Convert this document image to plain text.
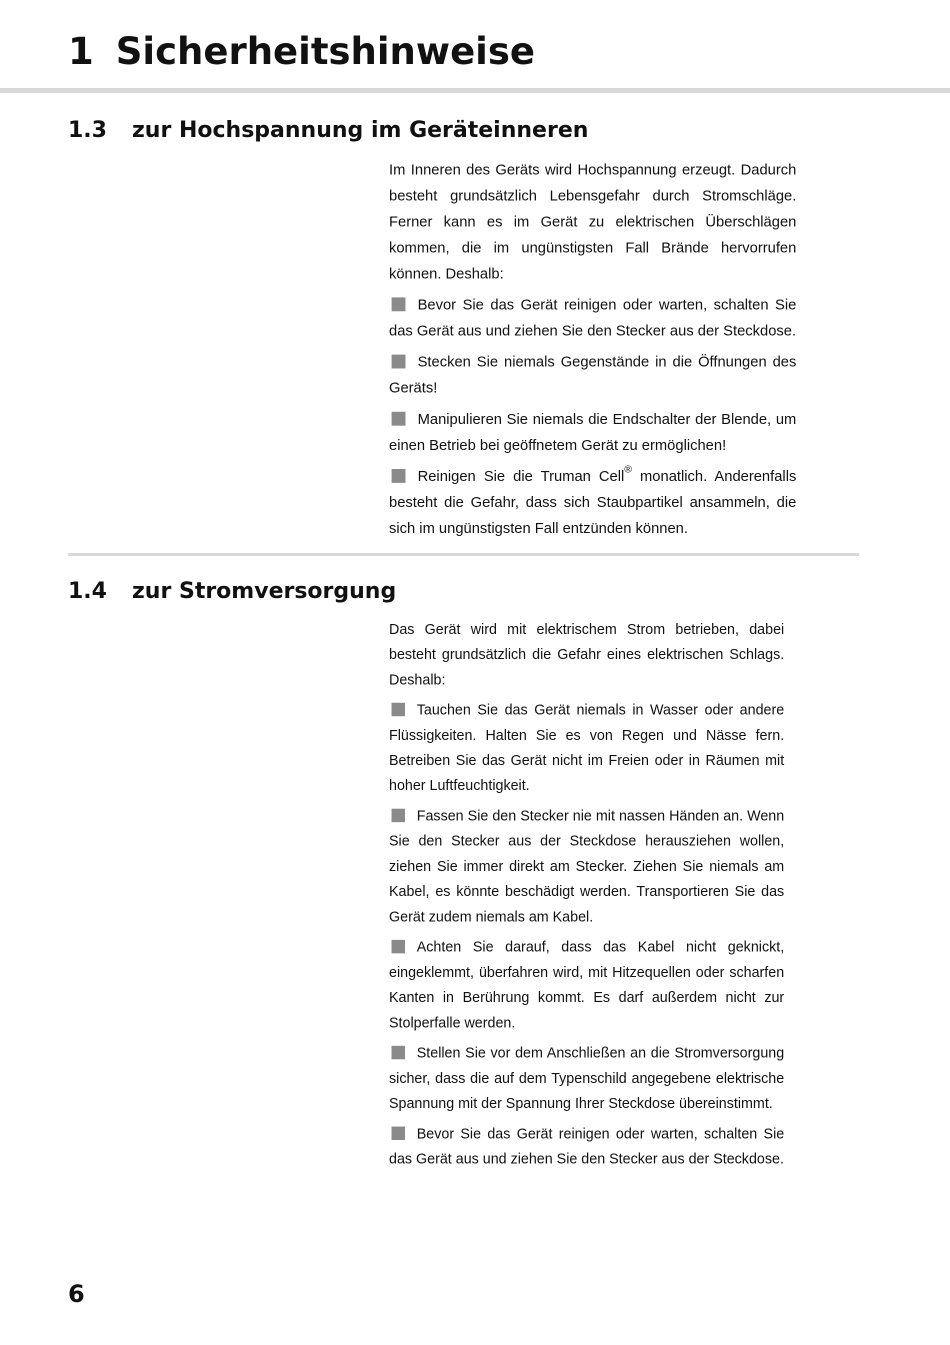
1 Sicherheitshinweise
1.3 zur Hochspannung im Geräteinneren

Im Inneren des Geräts wird Hochspannung erzeugt. Dadurch besteht grundsätzlich Lebensgefahr durch Stromschläge. Ferner kann es im Gerät zu elektrischen Überschlägen kommen, die im ungünstigsten Fall Brände hervorrufen können. Deshalb:

Bevor Sie das Gerät reinigen oder warten, schalten Sie das Gerät aus und ziehen Sie den Stecker aus der Steckdose.

Stecken Sie niemals Gegenstände in die Öffnungen des Geräts!

Manipulieren Sie niemals die Endschalter der Blende, um einen Betrieb bei geöffnetem Gerät zu ermöglichen!

Reinigen Sie die Truman Cell® monatlich. Anderenfalls besteht die Gefahr, dass sich Staubpartikel ansammeln, die sich im ungünstigsten Fall entzünden können.

1.4 zur Stromversorgung

Das Gerät wird mit elektrischem Strom betrieben, dabei besteht grundsätzlich die Gefahr eines elektrischen Schlags. Deshalb:

Tauchen Sie das Gerät niemals in Wasser oder andere Flüssigkeiten. Halten Sie es von Regen und Nässe fern. Betreiben Sie das Gerät nicht im Freien oder in Räumen mit hoher Luftfeuchtigkeit.

Fassen Sie den Stecker nie mit nassen Händen an. Wenn Sie den Stecker aus der Steckdose herausziehen wollen, ziehen Sie immer direkt am Stecker. Ziehen Sie niemals am Kabel, es könnte beschädigt werden. Transportieren Sie das Gerät zudem niemals am Kabel.

Achten Sie darauf, dass das Kabel nicht geknickt, eingeklemmt, überfahren wird, mit Hitzequellen oder scharfen Kanten in Berührung kommt. Es darf außerdem nicht zur Stolperfalle werden.

Stellen Sie vor dem Anschließen an die Stromversorgung sicher, dass die auf dem Typenschild angegebene elektrische Spannung mit der Spannung Ihrer Steckdose übereinstimmt.

Bevor Sie das Gerät reinigen oder warten, schalten Sie das Gerät aus und ziehen Sie den Stecker aus der Steckdose.

6
